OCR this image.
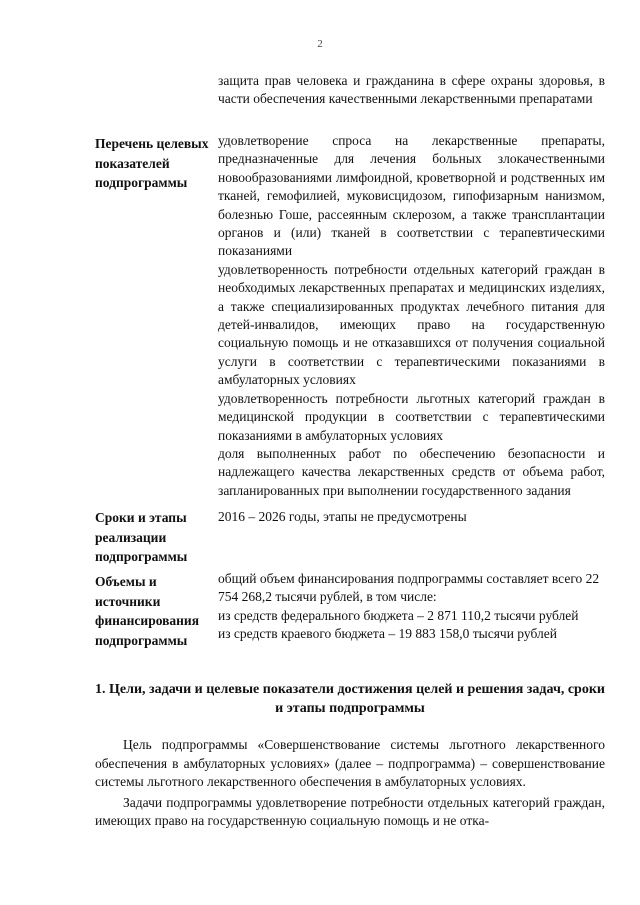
2

защита прав человека и гражданина в сфере охраны здоровья, в части обеспечения качественными лекарственными препаратами

Перечень целевых показателей подпрограммы

удовлетворение спроса на лекарственные препараты, предназначенные для лечения больных злокачественными новообразованиями лимфоидной, кроветворной и родственных им тканей, гемофилией, муковисцидозом, гипофизарным нанизмом, болезнью Гоше, рассеянным склерозом, а также трансплантации органов и (или) тканей в соответствии с терапевтическими показаниями

удовлетворенность потребности отдельных категорий граждан в необходимых лекарственных препаратах и медицинских изделиях, а также специализированных продуктах лечебного питания для детей-инвалидов, имеющих право на государственную социальную помощь и не отказавшихся от получения социальной услуги в соответствии с терапевтическими показаниями в амбулаторных условиях

удовлетворенность потребности льготных категорий граждан в медицинской продукции в соответствии с терапевтическими показаниями в амбулаторных условиях

доля выполненных работ по обеспечению безопасности и надлежащего качества лекарственных средств от объема работ, запланированных при выполнении государственного задания

Сроки и этапы реализации подпрограммы

2016 – 2026 годы, этапы не предусмотрены

Объемы и источники финансирования подпрограммы

общий объем финансирования подпрограммы составляет всего 22 754 268,2 тысячи рублей, в том числе:

из средств федерального бюджета – 2 871 110,2 тысячи рублей

из средств краевого бюджета – 19 883 158,0 тысячи рублей

1. Цели, задачи и целевые показатели достижения целей и решения задач, сроки и этапы подпрограммы

Цель подпрограммы «Совершенствование системы льготного лекарственного обеспечения в амбулаторных условиях» (далее – подпрограмма) – совершенствование системы льготного лекарственного обеспечения в амбулаторных условиях.

Задачи подпрограммы удовлетворение потребности отдельных категорий граждан, имеющих право на государственную социальную помощь и не отка-
